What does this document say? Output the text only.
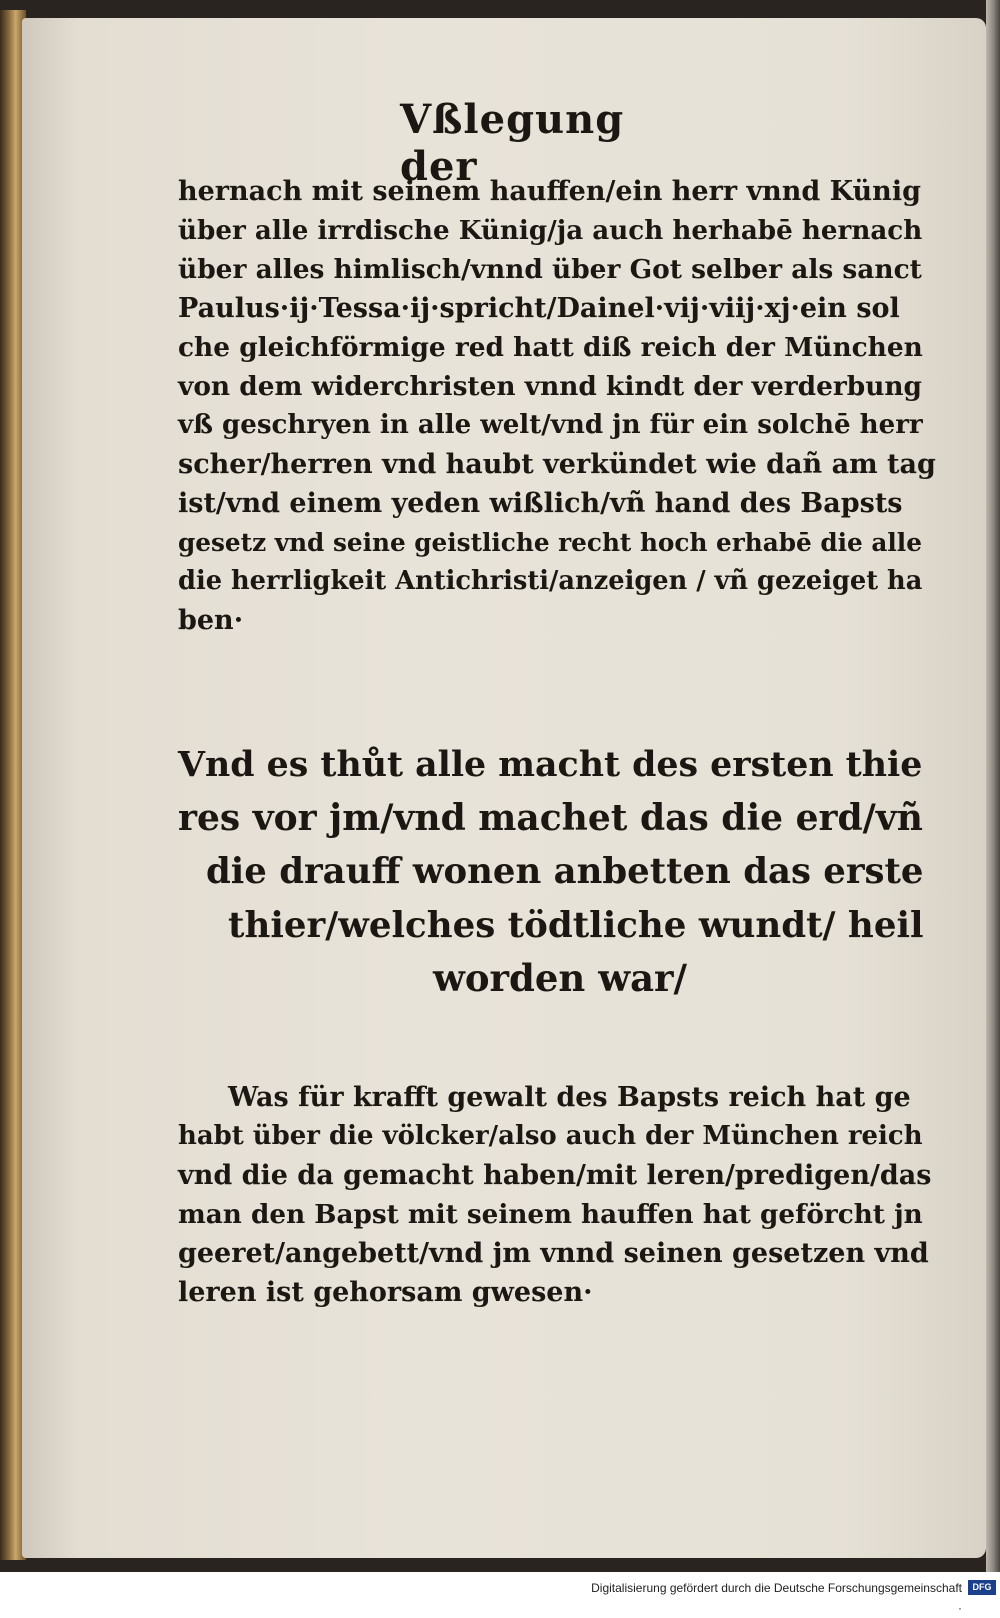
Vßlegung der
hernach mit seinem hauffen/ein herr vnnd Künig
über alle irrdische Künig/ja auch herhabē hernach
über alles himlisch/vnnd über Got selber als sanct
Paulus·ij·Tessa·ij·spricht/Dainel·vij·viij·xj·ein sol
che gleichförmige red hatt diß reich der München
von dem widerchristen vnnd kindt der verderbung
vß geschryen in alle welt/vnd jn für ein solchē herr
scher/herren vnd haubt verkündet wie dañ am tag
ist/vnd einem yeden wißlich/vñ hand des Bapsts
gesetz vnd seine geistliche recht hoch erhabē die alle
die herrligkeit Antichristi/anzeigen / vñ gezeiget ha
ben·
Vnd es thůt alle macht des ersten thie
res vor jm/vnd machet das die erd/vñ
die drauff wonen anbetten das erste
thier/welches tödtliche wundt/ heil
worden war/
Was für krafft gewalt des Bapsts reich hat ge
habt über die völcker/also auch der München reich
vnd die da gemacht haben/mit leren/predigen/das
man den Bapst mit seinem hauffen hat geförcht jn
geeret/angebett/vnd jm vnnd seinen gesetzen vnd
leren ist gehorsam gwesen·
Digitalisierung gefördert durch die Deutsche Forschungsgemeinschaft ·
DFG
